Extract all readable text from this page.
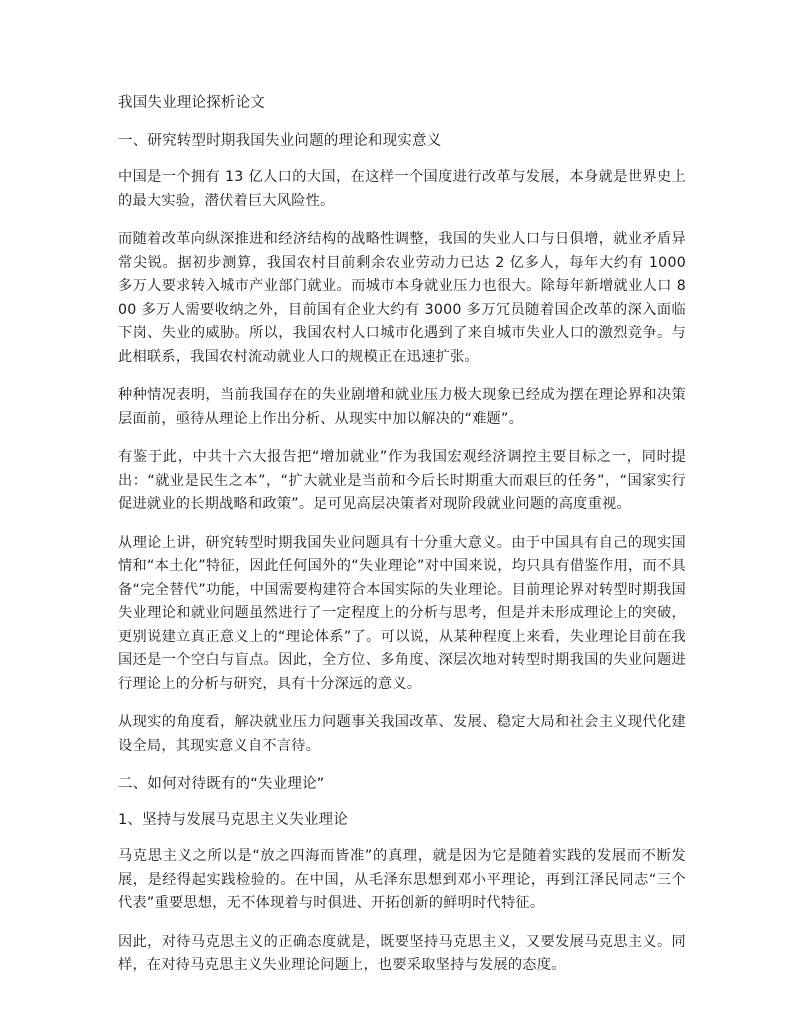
我国失业理论探析论文
一、研究转型时期我国失业问题的理论和现实意义

中国是一个拥有 13 亿人口的大国，在这样一个国度进行改革与发展，本身就是世界史上的最大实验，潜伏着巨大风险性。

而随着改革向纵深推进和经济结构的战略性调整，我国的失业人口与日俱增，就业矛盾异常尖锐。据初步测算，我国农村目前剩余农业劳动力已达 2 亿多人，每年大约有 1000 多万人要求转入城市产业部门就业。而城市本身就业压力也很大。除每年新增就业人口 800 多万人需要收纳之外，目前国有企业大约有 3000 多万冗员随着国企改革的深入面临下岗、失业的威胁。所以，我国农村人口城市化遇到了来自城市失业人口的激烈竞争。与此相联系，我国农村流动就业人口的规模正在迅速扩张。

种种情况表明，当前我国存在的失业剧增和就业压力极大现象已经成为摆在理论界和决策层面前，亟待从理论上作出分析、从现实中加以解决的“难题”。

有鉴于此，中共十六大报告把“增加就业”作为我国宏观经济调控主要目标之一，同时提出：“就业是民生之本”，“扩大就业是当前和今后长时期重大而艰巨的任务”，“国家实行促进就业的长期战略和政策”。足可见高层决策者对现阶段就业问题的高度重视。

从理论上讲，研究转型时期我国失业问题具有十分重大意义。由于中国具有自己的现实国情和“本土化”特征，因此任何国外的“失业理论”对中国来说，均只具有借鉴作用，而不具备“完全替代”功能，中国需要构建符合本国实际的失业理论。目前理论界对转型时期我国失业理论和就业问题虽然进行了一定程度上的分析与思考，但是并未形成理论上的突破，更别说建立真正意义上的“理论体系”了。可以说，从某种程度上来看，失业理论目前在我国还是一个空白与盲点。因此，全方位、多角度、深层次地对转型时期我国的失业问题进行理论上的分析与研究，具有十分深远的意义。

从现实的角度看，解决就业压力问题事关我国改革、发展、稳定大局和社会主义现代化建设全局，其现实意义自不言待。

二、如何对待既有的“失业理论”
1、坚持与发展马克思主义失业理论

马克思主义之所以是“放之四海而皆准”的真理，就是因为它是随着实践的发展而不断发展，是经得起实践检验的。在中国，从毛泽东思想到邓小平理论，再到江泽民同志“三个代表”重要思想，无不体现着与时俱进、开拓创新的鲜明时代特征。

因此，对待马克思主义的正确态度就是，既要坚持马克思主义，又要发展马克思主义。同样，在对待马克思主义失业理论问题上，也要采取坚持与发展的态度。
